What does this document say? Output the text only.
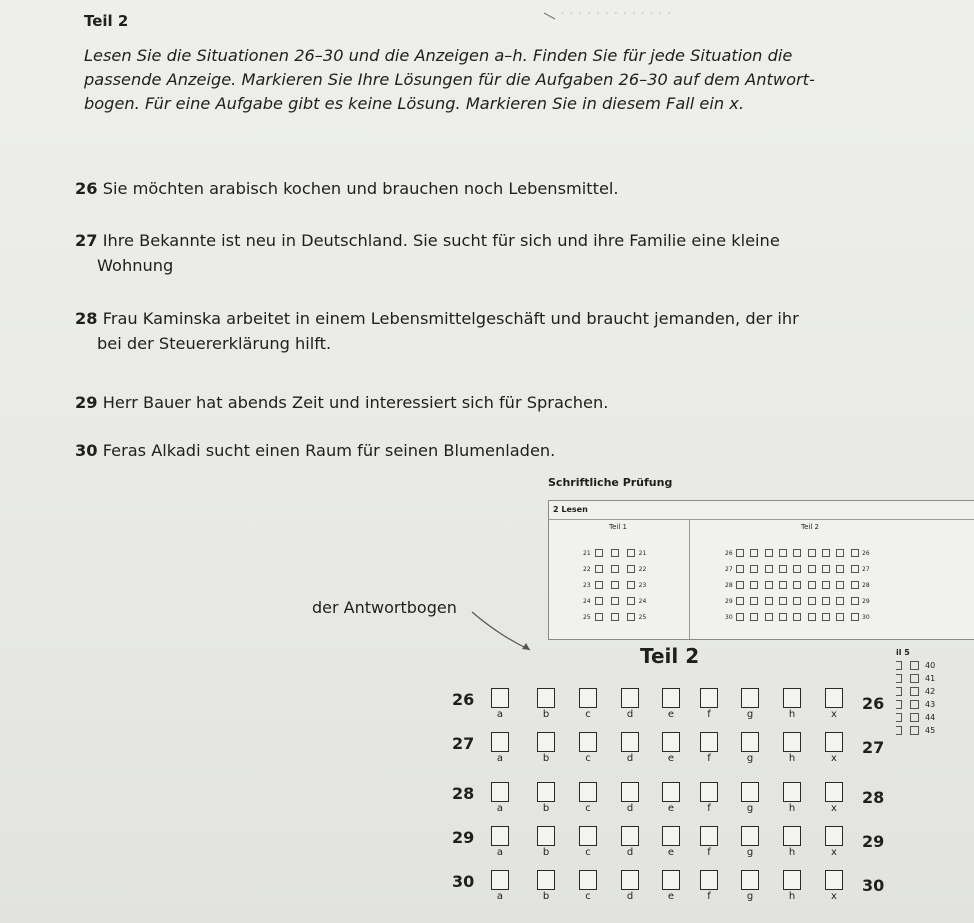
· · · · · · · · · · · · ·
Teil 2
Lesen Sie die Situationen 26–30 und die Anzeigen a–h. Finden Sie für jede Situation die
passende Anzeige. Markieren Sie Ihre Lösungen für die Aufgaben 26–30 auf dem Antwort-
bogen. Für eine Aufgabe gibt es keine Lösung. Markieren Sie in diesem Fall ein x.
26 Sie möchten arabisch kochen und brauchen noch Lebensmittel.
27 Ihre Bekannte ist neu in Deutschland. Sie sucht für sich und ihre Familie eine kleine
Wohnung
28 Frau Kaminska arbeitet in einem Lebensmittelgeschäft und braucht jemanden, der ihr
bei der Steuererklärung hilft.
29 Herr Bauer hat abends Zeit und interessiert sich für Sprachen.
30 Feras Alkadi sucht einen Raum für seinen Blumenladen.
Schriftliche Prüfung
2 Lesen
Teil 1	Teil 2
21	21
22	22
23	23
24	24
25	25
26	26
27	27
28	28
29	29
30	30
der Antwortbogen
Teil 2
26
a	b	c	d	e	f	g	h	x
26
27
a	b	c	d	e	f	g	h	x
27
28
a	b	c	d	e	f	g	h	x
28
29
a	b	c	d	e	f	g	h	x
29
30
a	b	c	d	e	f	g	h	x
30
il 5
40
41
42
43
44
45
